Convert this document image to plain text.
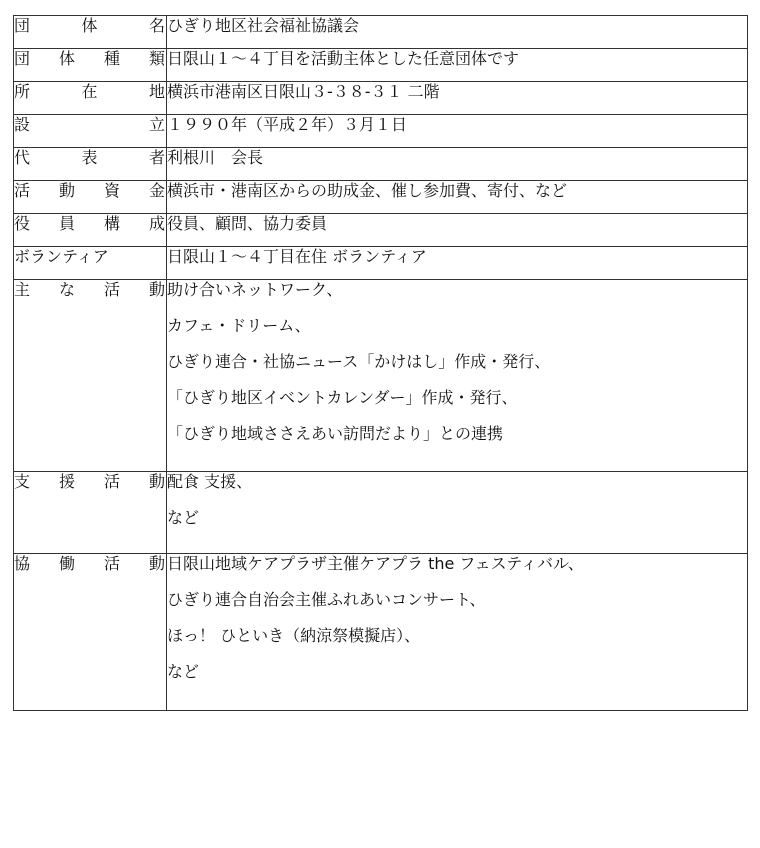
団　体　名	ひぎり地区社会福祉協議会

団 体 種 類	日限山１～４丁目を活動主体とした任意団体です

所　在　地	横浜市港南区日限山３-３８-３１ 二階

設　　　立	１９９０年（平成２年）３月１日

代　表　者	利根川　会長

活 動 資 金	横浜市・港南区からの助成金、催し参加費、寄付、など

役 員 構 成	役員、顧問、協力委員

ボランティア	日限山１～４丁目在住 ボランティア

主 な 活 動	助け合いネットワーク、
カフェ・ドリーム、
ひぎり連合・社協ニュース「かけはし」作成・発行、
「ひぎり地区イベントカレンダー」作成・発行、
「ひぎり地域ささえあい訪問だより」との連携

支 援 活 動	配食 支援、
など

協 働 活 動	日限山地域ケアプラザ主催ケアプラ the フェスティバル、
ひぎり連合自治会主催ふれあいコンサート、
ほっ！ ひといき（納涼祭模擬店）、
など
